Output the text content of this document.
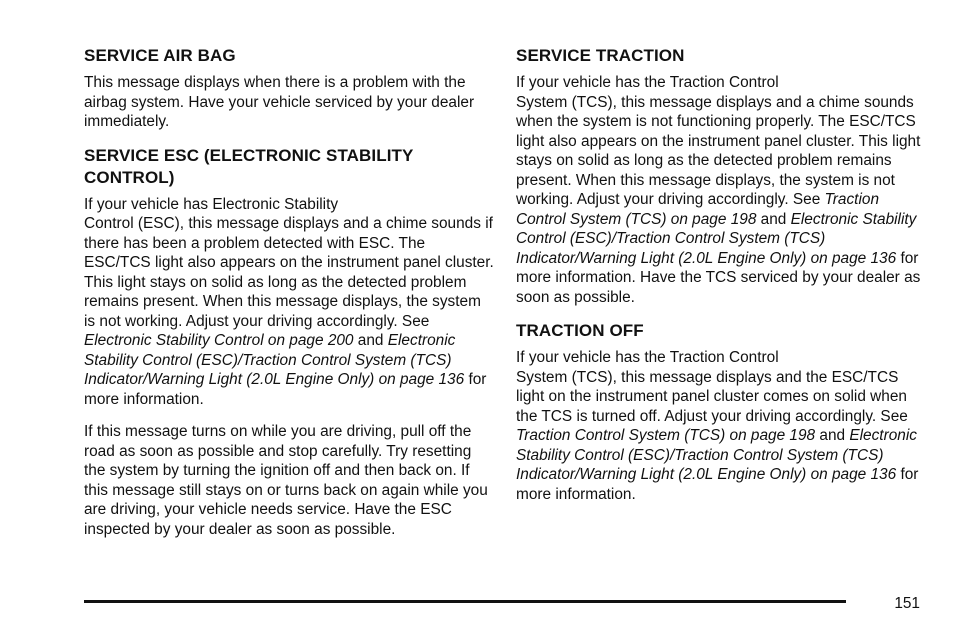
SERVICE AIR BAG

This message displays when there is a problem with the airbag system. Have your vehicle serviced by your dealer immediately.

SERVICE ESC (ELECTRONIC STABILITY CONTROL)

If your vehicle has Electronic Stability
Control (ESC), this message displays and a chime sounds if there has been a problem detected with ESC. The ESC/TCS light also appears on the instrument panel cluster. This light stays on solid as long as the detected problem remains present. When this message displays, the system is not working. Adjust your driving accordingly. See Electronic Stability Control on page 200 and Electronic Stability Control (ESC)/Traction Control System (TCS) Indicator/Warning Light (2.0L Engine Only) on page 136 for more information.

If this message turns on while you are driving, pull off the road as soon as possible and stop carefully. Try resetting the system by turning the ignition off and then back on. If this message still stays on or turns back on again while you are driving, your vehicle needs service. Have the ESC inspected by your dealer as soon as possible.

SERVICE TRACTION

If your vehicle has the Traction Control
System (TCS), this message displays and a chime sounds when the system is not functioning properly. The ESC/TCS light also appears on the instrument panel cluster. This light stays on solid as long as the detected problem remains present. When this message displays, the system is not working. Adjust your driving accordingly. See Traction Control System (TCS) on page 198 and Electronic Stability Control (ESC)/Traction Control System (TCS) Indicator/Warning Light (2.0L Engine Only) on page 136 for more information. Have the TCS serviced by your dealer as soon as possible.

TRACTION OFF

If your vehicle has the Traction Control
System (TCS), this message displays and the ESC/TCS light on the instrument panel cluster comes on solid when the TCS is turned off. Adjust your driving accordingly. See Traction Control System (TCS) on page 198 and Electronic Stability Control (ESC)/Traction Control System (TCS) Indicator/Warning Light (2.0L Engine Only) on page 136 for more information.

151
